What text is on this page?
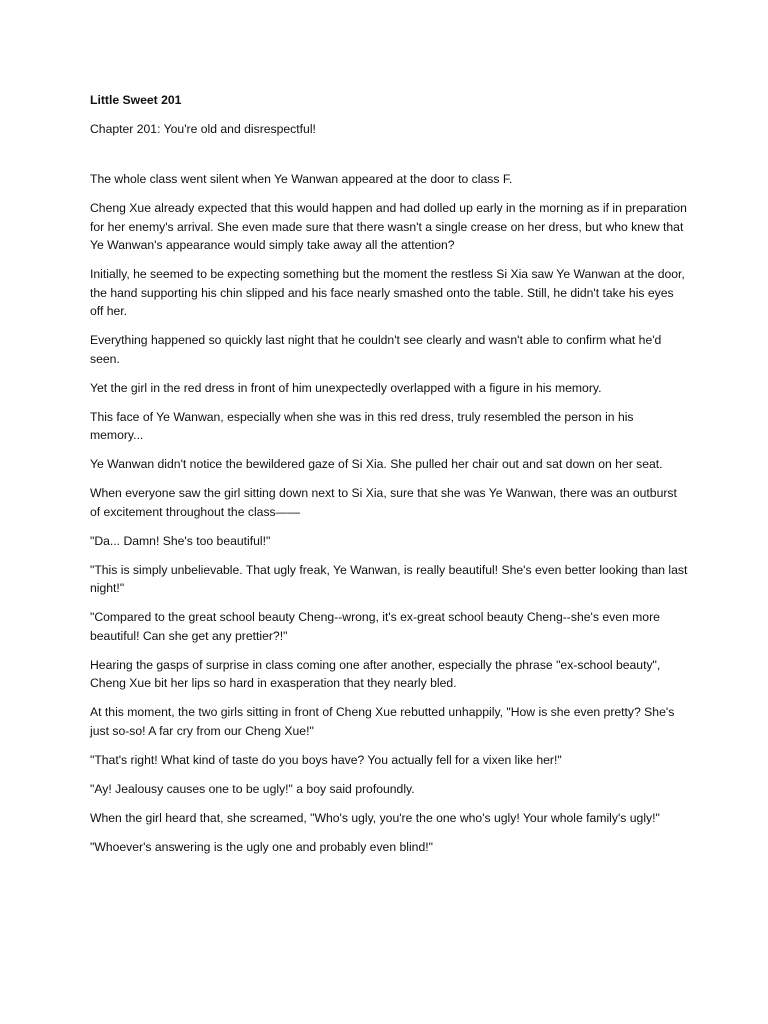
Little Sweet 201

Chapter 201: You're old and disrespectful!

The whole class went silent when Ye Wanwan appeared at the door to class F.

Cheng Xue already expected that this would happen and had dolled up early in the morning as if in preparation for her enemy's arrival. She even made sure that there wasn't a single crease on her dress, but who knew that Ye Wanwan's appearance would simply take away all the attention?

Initially, he seemed to be expecting something but the moment the restless Si Xia saw Ye Wanwan at the door, the hand supporting his chin slipped and his face nearly smashed onto the table. Still, he didn't take his eyes off her.

Everything happened so quickly last night that he couldn't see clearly and wasn't able to confirm what he'd seen.

Yet the girl in the red dress in front of him unexpectedly overlapped with a figure in his memory.

This face of Ye Wanwan, especially when she was in this red dress, truly resembled the person in his memory...

Ye Wanwan didn't notice the bewildered gaze of Si Xia. She pulled her chair out and sat down on her seat.

When everyone saw the girl sitting down next to Si Xia, sure that she was Ye Wanwan, there was an outburst of excitement throughout the class——

"Da... Damn! She's too beautiful!"

"This is simply unbelievable. That ugly freak, Ye Wanwan, is really beautiful! She's even better looking than last night!"

"Compared to the great school beauty Cheng--wrong, it's ex-great school beauty Cheng--she's even more beautiful! Can she get any prettier?!"

Hearing the gasps of surprise in class coming one after another, especially the phrase "ex-school beauty", Cheng Xue bit her lips so hard in exasperation that they nearly bled.

At this moment, the two girls sitting in front of Cheng Xue rebutted unhappily, "How is she even pretty? She's just so-so! A far cry from our Cheng Xue!"

"That's right! What kind of taste do you boys have? You actually fell for a vixen like her!"

"Ay! Jealousy causes one to be ugly!" a boy said profoundly.

When the girl heard that, she screamed, "Who's ugly, you're the one who's ugly! Your whole family's ugly!"

"Whoever's answering is the ugly one and probably even blind!"
